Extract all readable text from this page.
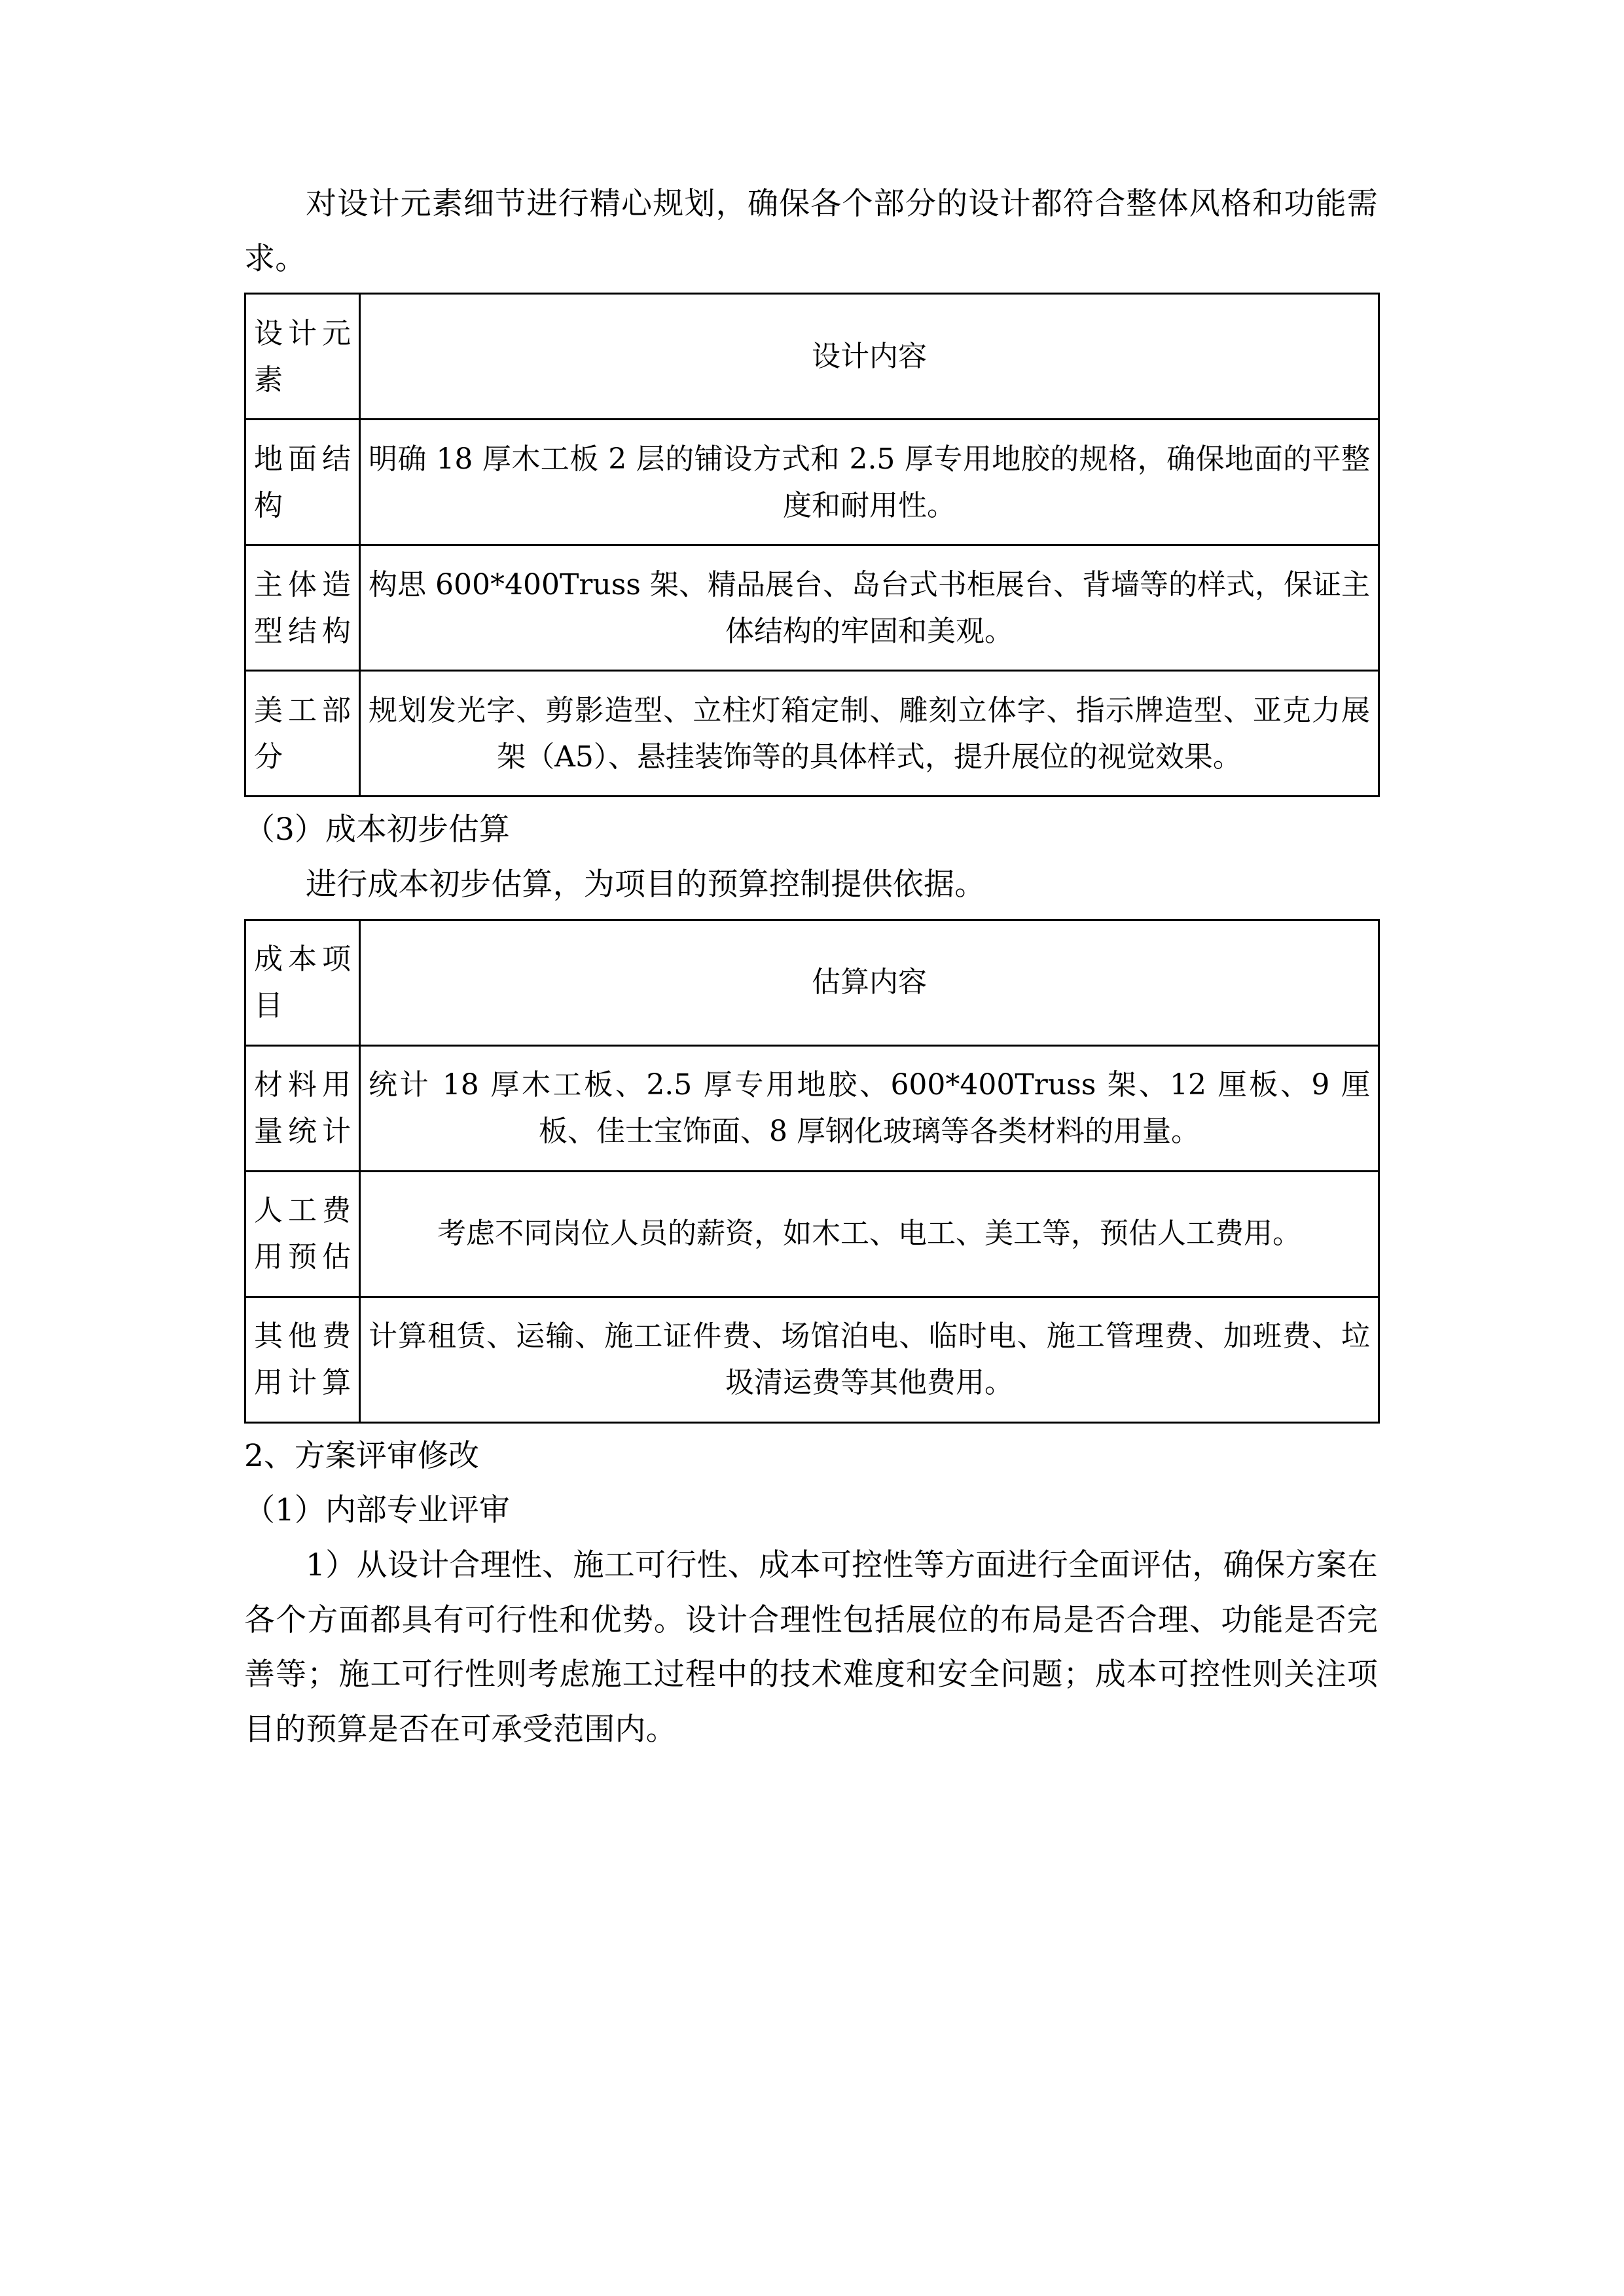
对设计元素细节进行精心规划，确保各个部分的设计都符合整体风格和功能需求。

设计元素	设计内容
地面结构	明确 18 厚木工板 2 层的铺设方式和 2.5 厚专用地胶的规格，确保地面的平整度和耐用性。
主体造型结构	构思 600*400Truss 架、精品展台、岛台式书柜展台、背墙等的样式，保证主体结构的牢固和美观。
美工部分	规划发光字、剪影造型、立柱灯箱定制、雕刻立体字、指示牌造型、亚克力展架（A5）、悬挂装饰等的具体样式，提升展位的视觉效果。

（3）成本初步估算

进行成本初步估算，为项目的预算控制提供依据。

成本项目	估算内容
材料用量统计	统计 18 厚木工板、2.5 厚专用地胶、600*400Truss 架、12 厘板、9 厘板、佳士宝饰面、8 厚钢化玻璃等各类材料的用量。
人工费用预估	考虑不同岗位人员的薪资，如木工、电工、美工等，预估人工费用。
其他费用计算	计算租赁、运输、施工证件费、场馆泊电、临时电、施工管理费、加班费、垃圾清运费等其他费用。

2、方案评审修改

（1）内部专业评审

1）从设计合理性、施工可行性、成本可控性等方面进行全面评估，确保方案在各个方面都具有可行性和优势。设计合理性包括展位的布局是否合理、功能是否完善等；施工可行性则考虑施工过程中的技术难度和安全问题；成本可控性则关注项目的预算是否在可承受范围内。
